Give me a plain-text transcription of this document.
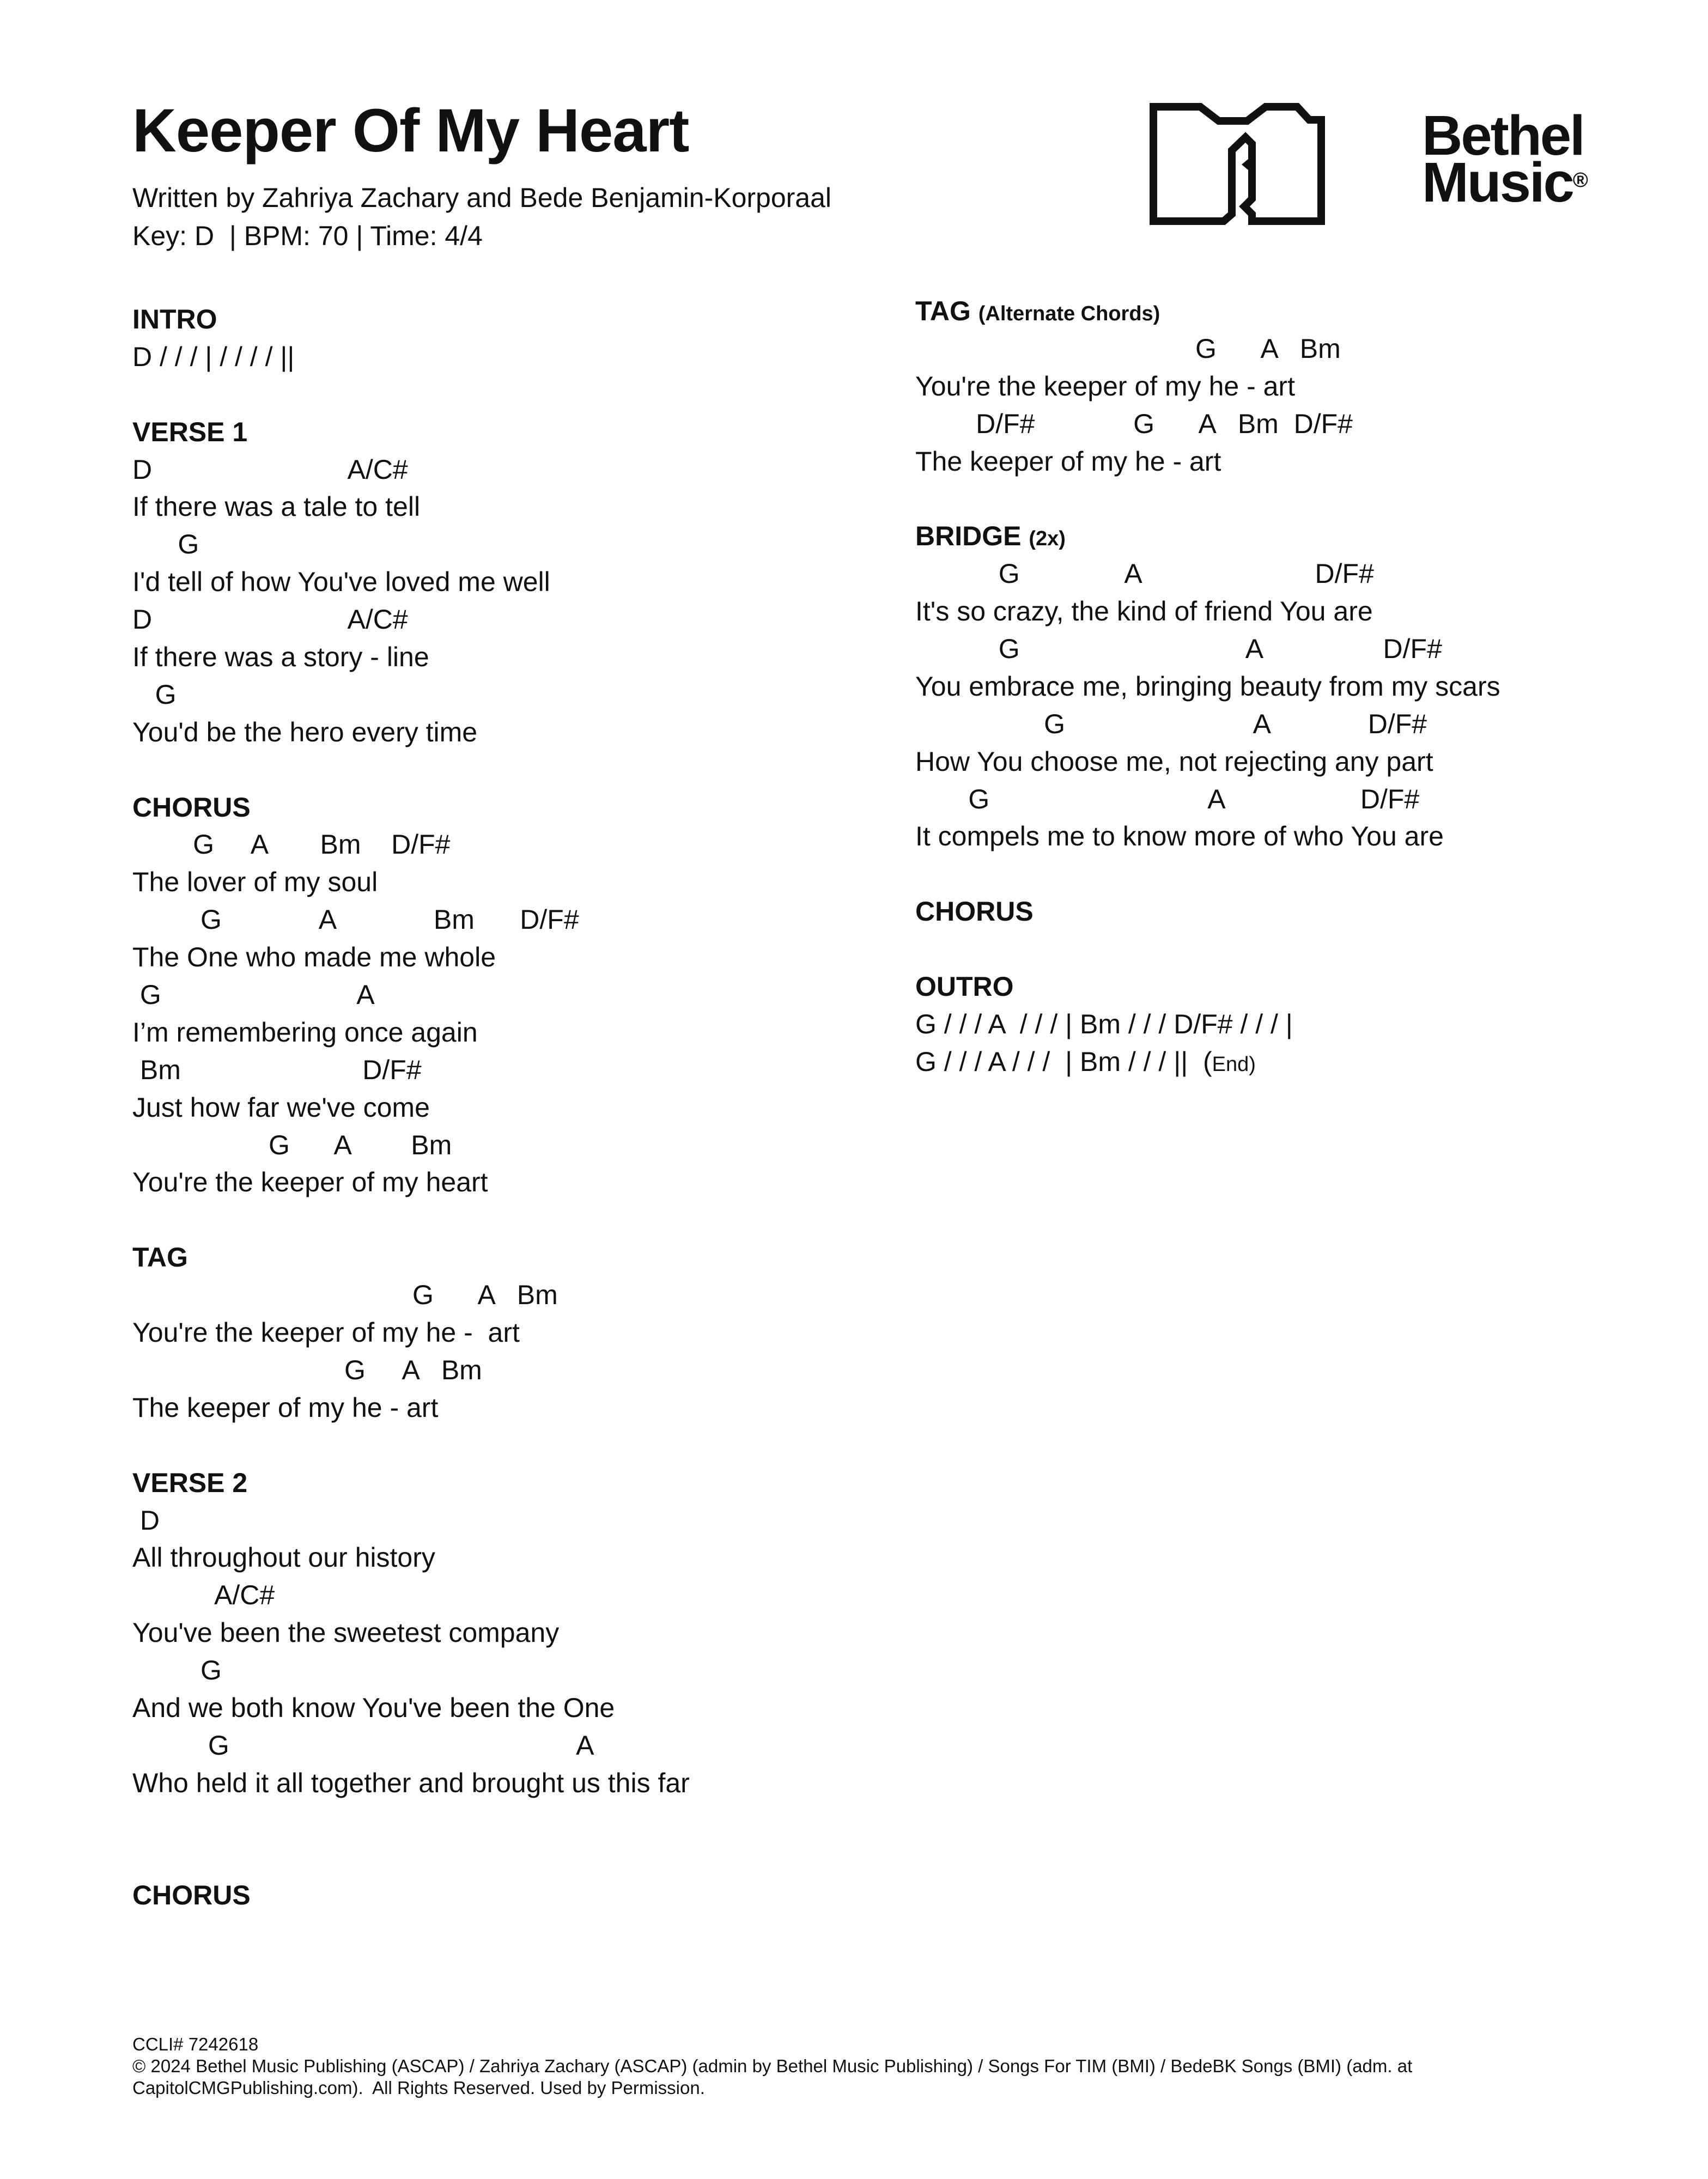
Keeper Of My Heart
Written by Zahriya Zachary and Bede Benjamin-Korporaal
Key: D  | BPM: 70 | Time: 4/4
Bethel
Music®
INTRO
D / / / | / / / / ||
VERSE 1
D                          A/C#
If there was a tale to tell
G
I'd tell of how You've loved me well
D                          A/C#
If there was a story - line
G
You'd be the hero every time
CHORUS
G     A       Bm    D/F#
The lover of my soul
G             A             Bm      D/F#
The One who made me whole
G                          A
I’m remembering once again
Bm                        D/F#
Just how far we've come
G      A        Bm
You're the keeper of my heart
TAG
G      A   Bm
You're the keeper of my he -  art
G     A   Bm
The keeper of my he - art
VERSE 2
D
All throughout our history
A/C#
You've been the sweetest company
G
And we both know You've been the One
G                                              A
Who held it all together and brought us this far
CHORUS
TAG (Alternate Chords)
G      A   Bm
You're the keeper of my he - art
D/F#             G      A   Bm  D/F#
The keeper of my he - art
BRIDGE (2x)
G              A                       D/F#
It's so crazy, the kind of friend You are
G                              A                D/F#
You embrace me, bringing beauty from my scars
G                         A             D/F#
How You choose me, not rejecting any part
G                             A                  D/F#
It compels me to know more of who You are
CHORUS
OUTRO
G / / / A  / / / | Bm / / / D/F# / / / |
G / / / A / / /  | Bm / / / ||  (End)
CCLI# 7242618
© 2024 Bethel Music Publishing (ASCAP) / Zahriya Zachary (ASCAP) (admin by Bethel Music Publishing) / Songs For TIM (BMI) / BedeBK Songs (BMI) (adm. at CapitolCMGPublishing.com).  All Rights Reserved. Used by Permission.
